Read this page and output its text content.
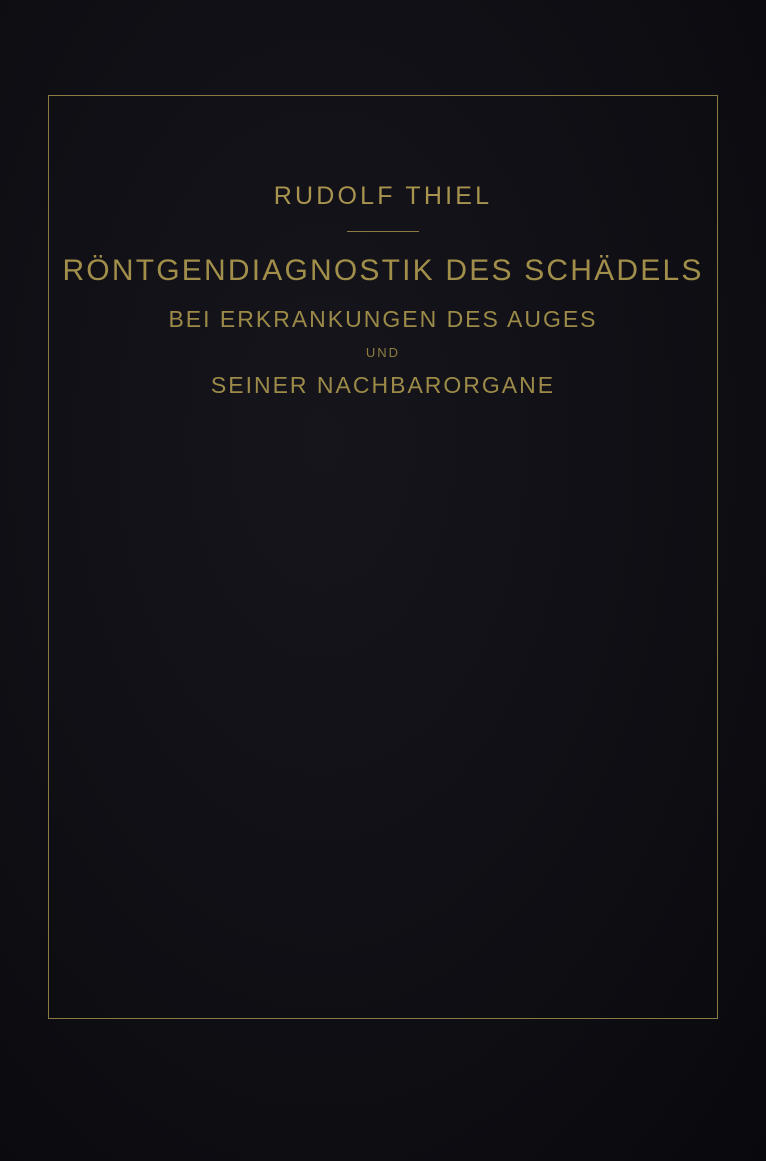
RUDOLF THIEL
RÖNTGENDIAGNOSTIK DES SCHÄDELS
BEI ERKRANKUNGEN DES AUGES
UND
SEINER NACHBARORGANE
